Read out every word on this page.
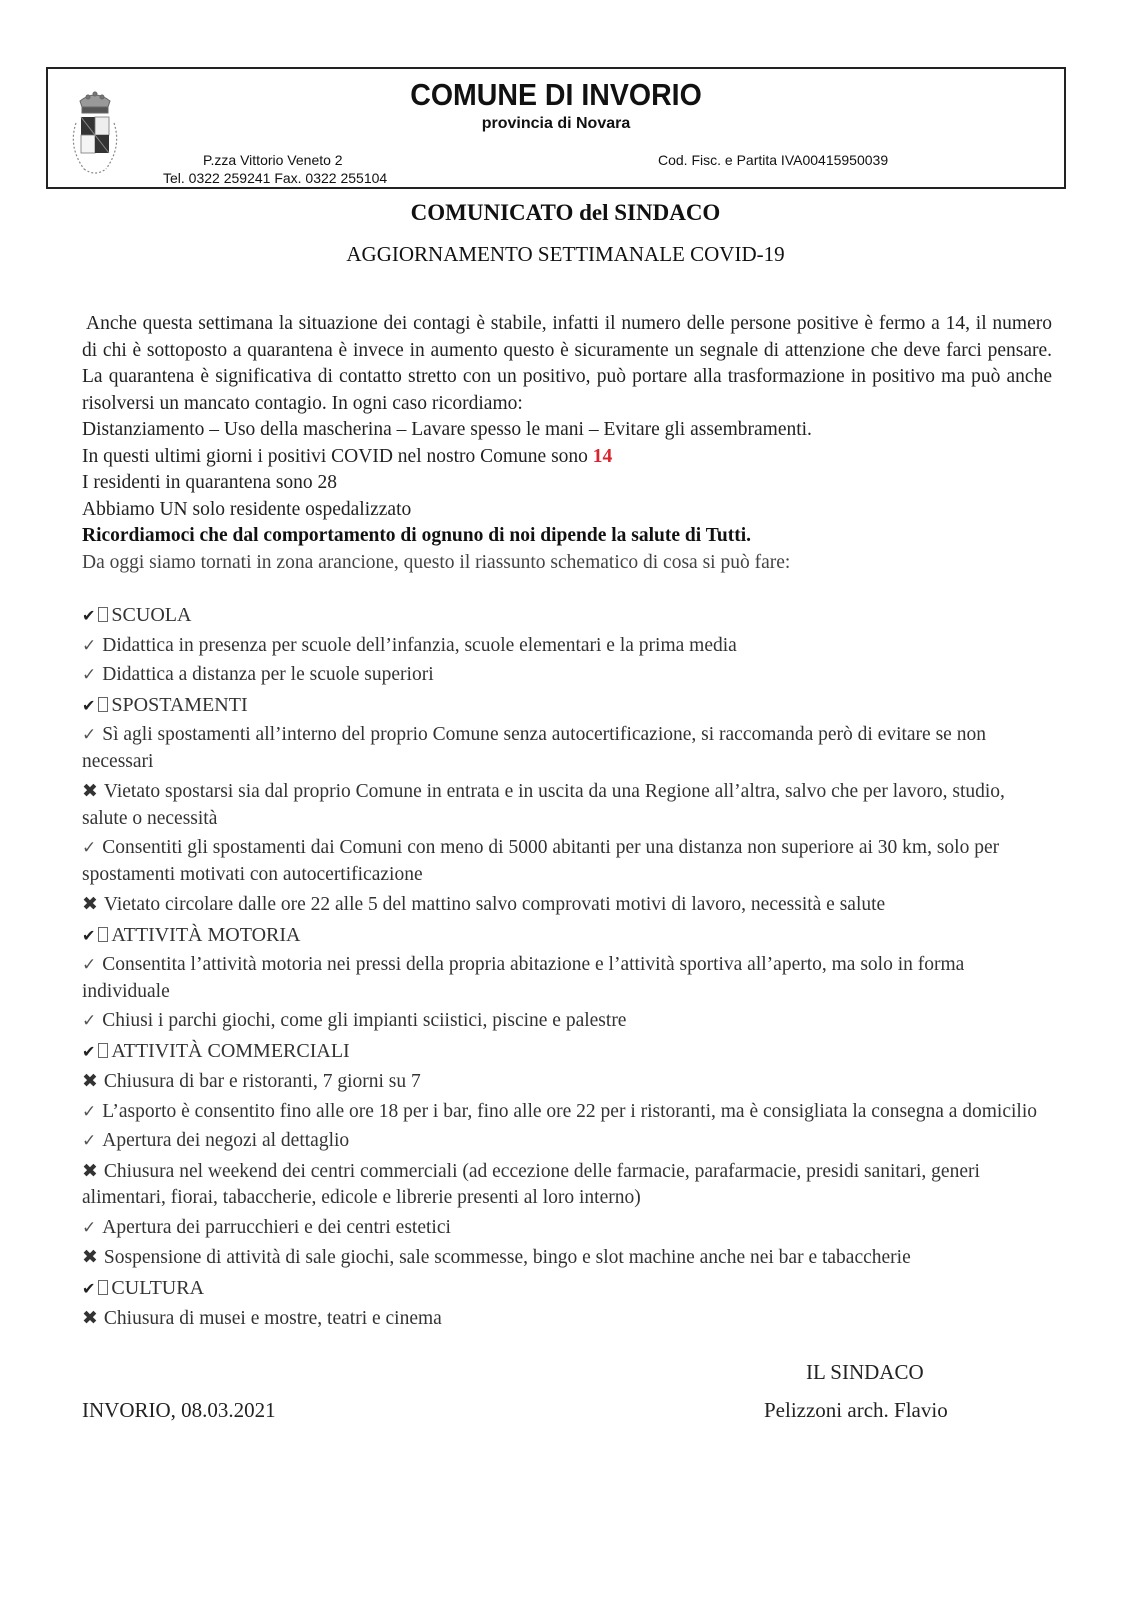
COMUNE DI INVORIO
provincia di Novara
P.zza Vittorio Veneto 2
Tel. 0322 259241 Fax. 0322 255104
Cod. Fisc. e Partita IVA00415950039
COMUNICATO del SINDACO
AGGIORNAMENTO SETTIMANALE COVID-19

Anche questa settimana la situazione dei contagi è stabile, infatti il numero delle persone positive è fermo a 14, il numero di chi è sottoposto a quarantena è invece in aumento questo è sicuramente un segnale di attenzione che deve farci pensare. La quarantena è significativa di contatto stretto con un positivo, può portare alla trasformazione in positivo ma può anche risolversi un mancato contagio. In ogni caso ricordiamo:

Distanziamento – Uso della mascherina – Lavare spesso le mani – Evitare gli assembramenti.

In questi ultimi giorni i positivi COVID nel nostro Comune sono 14

I residenti in quarantena sono 28

Abbiamo UN solo residente ospedalizzato

Ricordiamoci che dal comportamento di ognuno di noi dipende la salute di Tutti.

Da oggi siamo tornati in zona arancione, questo il riassunto schematico di cosa si può fare:

✔ SCUOLA
✓︎ Didattica in presenza per scuole dell’infanzia, scuole elementari e la prima media
✓︎ Didattica a distanza per le scuole superiori
✔ SPOSTAMENTI
✓︎ Sì agli spostamenti all’interno del proprio Comune senza autocertificazione, si raccomanda però di evitare se non necessari
✖ Vietato spostarsi sia dal proprio Comune in entrata e in uscita da una Regione all’altra, salvo che per lavoro, studio, salute o necessità
✓︎ Consentiti gli spostamenti dai Comuni con meno di 5000 abitanti per una distanza non superiore ai 30 km, solo per spostamenti motivati con autocertificazione
✖ Vietato circolare dalle ore 22 alle 5 del mattino salvo comprovati motivi di lavoro, necessità e salute
✔ ATTIVITÀ MOTORIA
✓︎ Consentita l’attività motoria nei pressi della propria abitazione e l’attività sportiva all’aperto, ma solo in forma individuale
✓︎ Chiusi i parchi giochi, come gli impianti sciistici, piscine e palestre
✔ ATTIVITÀ COMMERCIALI
✖ Chiusura di bar e ristoranti, 7 giorni su 7
✓︎ L’asporto è consentito fino alle ore 18 per i bar, fino alle ore 22 per i ristoranti, ma è consigliata la consegna a domicilio
✓︎ Apertura dei negozi al dettaglio
✖ Chiusura nel weekend dei centri commerciali (ad eccezione delle farmacie, parafarmacie, presidi sanitari, generi alimentari, fiorai, tabaccherie, edicole e librerie presenti al loro interno)
✓︎ Apertura dei parrucchieri e dei centri estetici
✖ Sospensione di attività di sale giochi, sale scommesse, bingo e slot machine anche nei bar e tabaccherie
✔ CULTURA
✖ Chiusura di musei e mostre, teatri e cinema
IL SINDACO
INVORIO, 08.03.2021	Pelizzoni arch. Flavio
